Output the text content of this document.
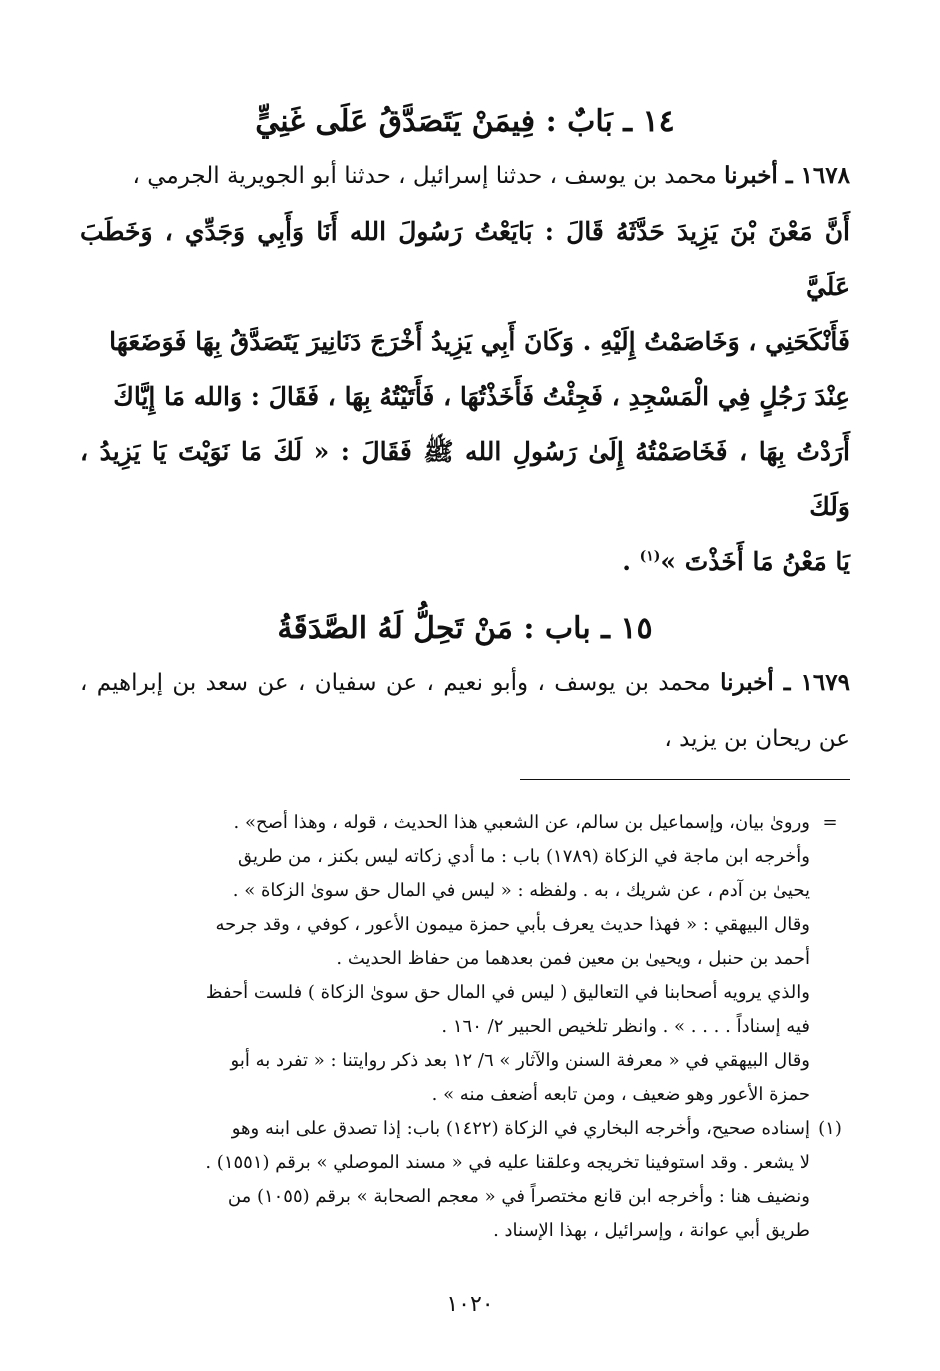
١٤ ـ بَابٌ : فِيمَنْ يَتَصَدَّقُ عَلَى غَنِيٍّ

١٦٧٨ ـ أخبرنا محمد بن يوسف ، حدثنا إسرائيل ، حدثنا أبو الجويرية الجرمي ،

أَنَّ مَعْنَ بْنَ يَزِيدَ حَدَّثَهُ قَالَ : بَايَعْتُ رَسُولَ الله أَنَا وَأَبِي وَجَدِّي ، وَخَطَبَ عَلَيَّ

فَأَنْكَحَنِي ، وَخَاصَمْتُ إِلَيْهِ . وَكَانَ أَبِي يَزِيدُ أَخْرَجَ دَنَانِيرَ يَتَصَدَّقُ بِهَا فَوَضَعَهَا

عِنْدَ رَجُلٍ فِي الْمَسْجِدِ ، فَجِئْتُ فَأَخَذْتُهَا ، فَأَتَيْتُهُ بِهَا ، فَقَالَ : وَالله مَا إِيَّاكَ

أَرَدْتُ بِهَا ، فَخَاصَمْتُهُ إِلَىٰ رَسُولِ الله ﷺ فَقَالَ : « لَكَ مَا نَوَيْتَ يَا يَزِيدُ ، وَلَكَ

يَا مَعْنُ مَا أَخَذْتَ »$^{(١)}$ .

١٥ ـ باب : مَنْ تَحِلُّ لَهُ الصَّدَقَةُ

١٦٧٩ ـ أخبرنا محمد بن يوسف ، وأبو نعيم ، عن سفيان ، عن سعد بن إبراهيم ، عن ريحان بن يزيد ،

=

وروىٰ بيان، وإسماعيل بن سالم، عن الشعبي هذا الحديث ، قوله ، وهذا أصح» .

وأخرجه ابن ماجة في الزكاة (١٧٨٩) باب : ما أدي زكاته ليس بكنز ، من طريق

يحيىٰ بن آدم ، عن شريك ، به . ولفظه : « ليس في المال حق سوىٰ الزكاة » .

وقال البيهقي : « فهذا حديث يعرف بأبي حمزة ميمون الأعور ، كوفي ، وقد جرحه

أحمد بن حنبل ، ويحيىٰ بن معين فمن بعدهما من حفاظ الحديث .

والذي يرويه أصحابنا في التعاليق ( ليس في المال حق سوىٰ الزكاة ) فلست أحفظ

فيه إسناداً . . . . » . وانظر تلخيص الحبير ٢/ ١٦٠ .

وقال البيهقي في « معرفة السنن والآثار » ٦/ ١٢ بعد ذكر روايتنا : « تفرد به أبو

حمزة الأعور وهو ضعيف ، ومن تابعه أضعف منه » .

(١)

إسناده صحيح، وأخرجه البخاري في الزكاة (١٤٢٢) باب: إذا تصدق على ابنه وهو

لا يشعر . وقد استوفينا تخريجه وعلقنا عليه في « مسند الموصلي » برقم (١٥٥١) .

ونضيف هنا : وأخرجه ابن قانع مختصراً في « معجم الصحابة » برقم (١٠٥٥) من

طريق أبي عوانة ، وإسرائيل ، بهذا الإسناد .

١٠٢٠
